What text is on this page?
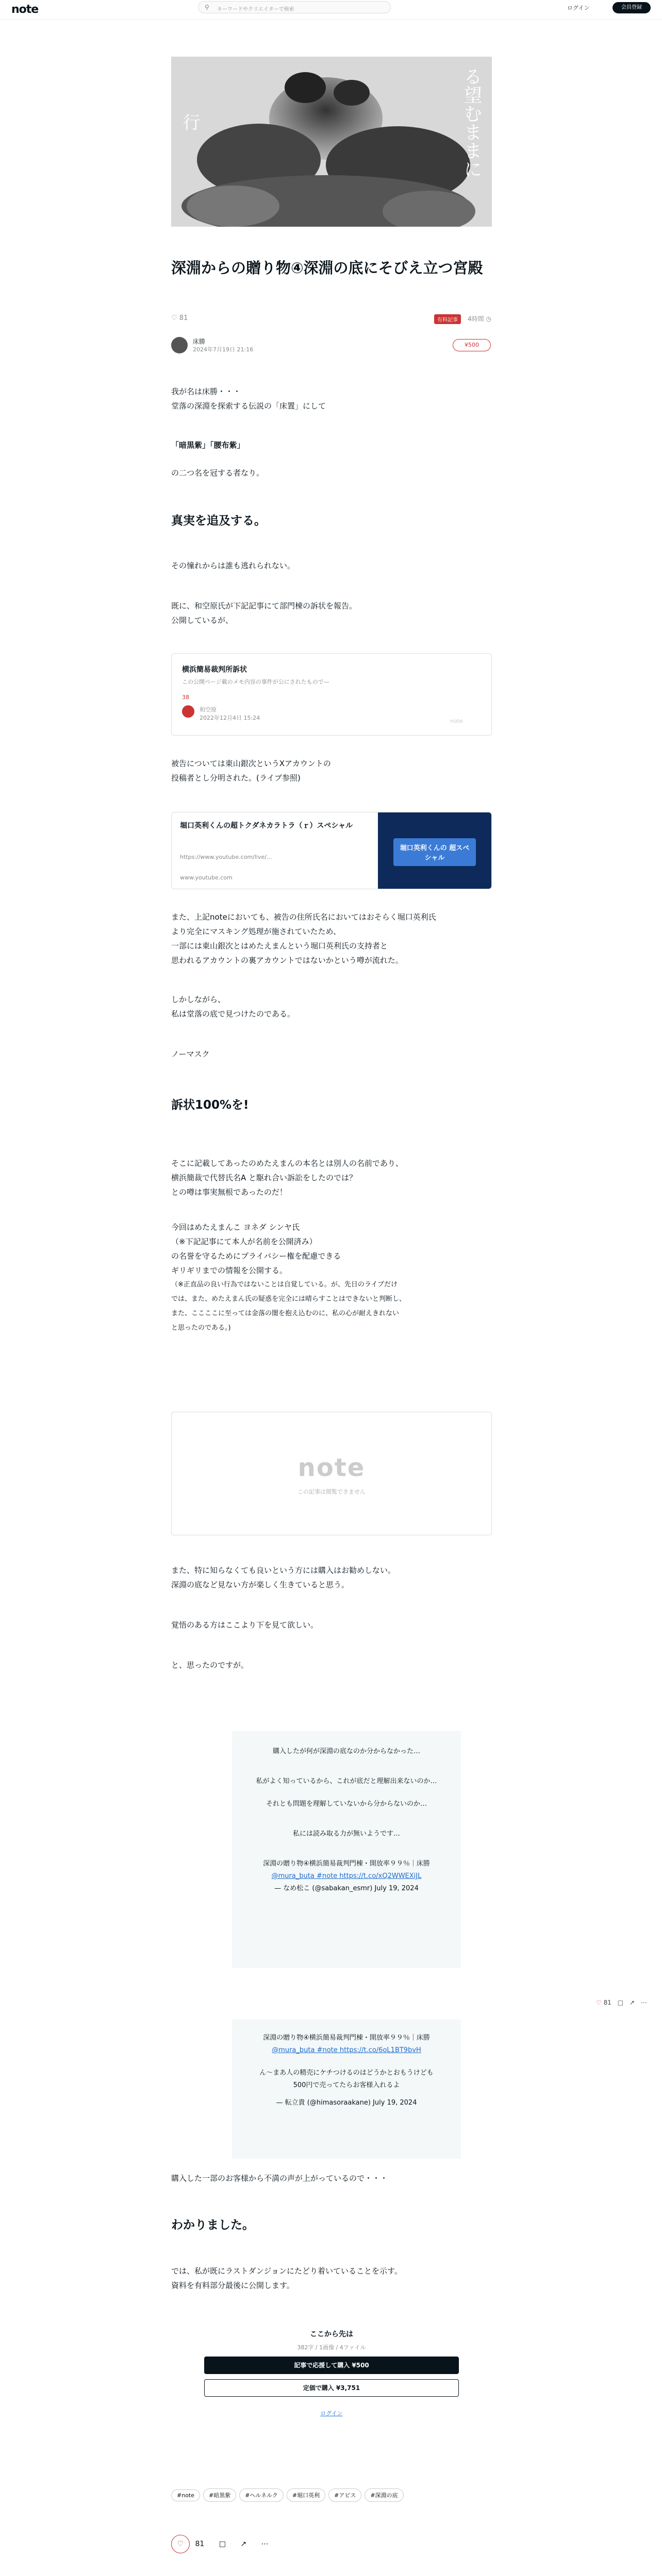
note	⚲ キーワードやクリエイターで検索	ログイン	会員登録
行	る望むままに
深淵からの贈り物④深淵の底にそびえ立つ宮殿
♡ 81	有料記事	4時間 ◷
床勝
2024年7月19日 21:16
¥500
我が名は床勝・・・
堂落の深淵を探索する伝説の「床置」にして
「暗黒紫」「腰布紫」
の二つ名を冠する者なり。
真実を追及する。
その憧れからは誰も逃れられない。
既に、和空原氏が下記記事にて部門棟の訴状を報告。
公開しているが、
横浜簡易裁判所訴状
この公開ページ載のメモ内容の事件が公にされたもので—
和空原
2022年12月4日 15:24
38
note
被告については東山銀次というXアカウントの
投稿者とし分明された。(ライブ参照)
堀口英利くんの超トクダネカラトラ（ｒ）スペシャル
https://www.youtube.com/live/...
www.youtube.com
堀口英利くんの 超スペシャル
また、上記noteにおいても、被告の住所氏名においてはおそらく堀口英利氏
より完全にマスキング処理が施されていたため、
一部には東山銀次とはめたえまんという堀口英利氏の支持者と
思われるアカウントの裏アカウントではないかという噂が流れた。
しかしながら、
私は堂落の底で見つけたのである。
ノーマスク
訴状100%を!
そこに記載してあったのめたえまんの本名とは別人の名前であり、
横浜簡裁で代替氏名A と駆れ合い訴訟をしたのでは？
との噂は事実無根であったのだ！
今回はめたえまんこ ヨネダ シンヤ氏
（※下記記事にて本人が名前を公開済み）
の名誉を守るためにプライバシー権を配慮できる
ギリギリまでの情報を公開する。
（※正直品の良い行為ではないことは自覚している。が、先日のライブだけ
では、また、めたえまん氏の疑惑を完全には晴らすことはできないと判断し、
また、ここここに至っては金落の闇を抱え込むのに、私の心が耐えきれない
と思ったのである。)
note
この記事は閲覧できません
また、特に知らなくても良いという方には購入はお勧めしない。
深淵の底など見ない方が楽しく生きていると思う。
覚悟のある方はここより下を見て欲しい。
と、思ったのですが。
購入したが何が深淵の底なのか分からなかった…
私がよく知っているから、これが底だと理解出来ないのか…
それとも問題を理解していないから分からないのか…
私には読み取る力が無いようです…
深淵の贈り物④横浜簡易裁判門棟・開放率９９％｜床勝
@mura_buta #note https://t.co/xQ2WWEXiJL
— なめ松こ (@sabakan_esmr) July 19, 2024
♡ 81 □ ↗ ⋯
深淵の贈り物④横浜簡易裁判門棟・開放率９９％｜床勝
@mura_buta #note https://t.co/6oL1BT9bvH
ん～まあ人の精売にケチつけるのはどうかとおもうけども
500円で売ってたらお客様入れるよ
— 転立貴 (@himasoraakane) July 19, 2024
購入した一部のお客様から不満の声が上がっているので・・・
わかりました。
では、私が既にラストダンジョンにたどり着いていることを示す。
資料を有料部分最後に公開します。
ここから先は
382字 / 1画像 / 4ファイル
記事で応援して購入 ¥500
定価で購入 ¥3,751
ログイン
#note	#暗黒紫	#ヘルネルク	#堀口英利	#アビス	#深淵の底
♡ 81 □ ↗ ⋯
